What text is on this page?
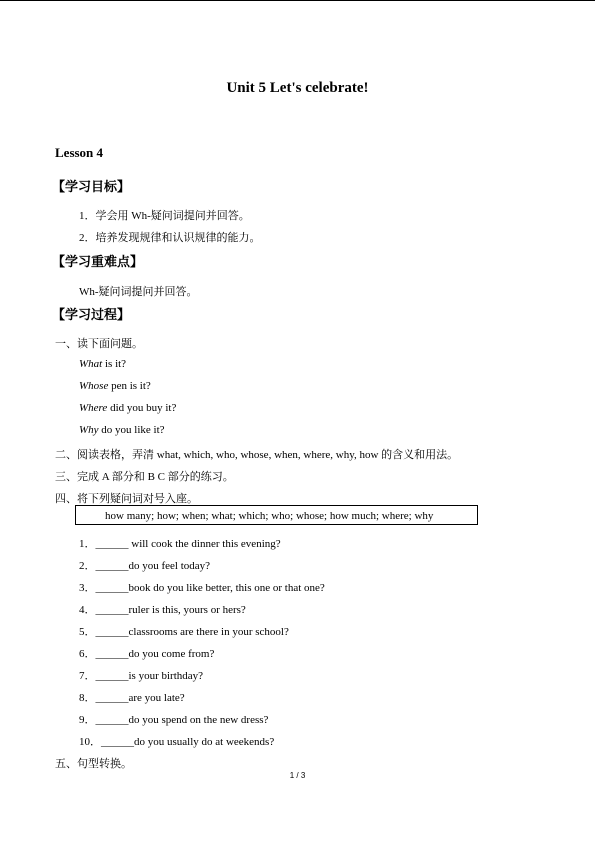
Unit 5 Let's celebrate!
Lesson 4
【学习目标】
1．学会用 Wh-疑问词提问并回答。
2．培养发现规律和认识规律的能力。
【学习重难点】
Wh-疑问词提问并回答。
【学习过程】
一、读下面问题。
What is it?
Whose pen is it?
Where did you buy it?
Why do you like it?
二、阅读表格，弄清 what, which, who, whose, when, where, why, how 的含义和用法。
三、完成 A 部分和 B C 部分的练习。
四、将下列疑问词对号入座。
how many; how; when; what; which; who; whose; how much; where; why
1．______ will cook the dinner this evening?
2．______do you feel today?
3．______book do you like better, this one or that one?
4．______ruler is this, yours or hers?
5．______classrooms are there in your school?
6．______do you come from?
7．______is your birthday?
8．______are you late?
9．______do you spend on the new dress?
10．______do you usually do at weekends?
五、句型转换。
1 / 3
